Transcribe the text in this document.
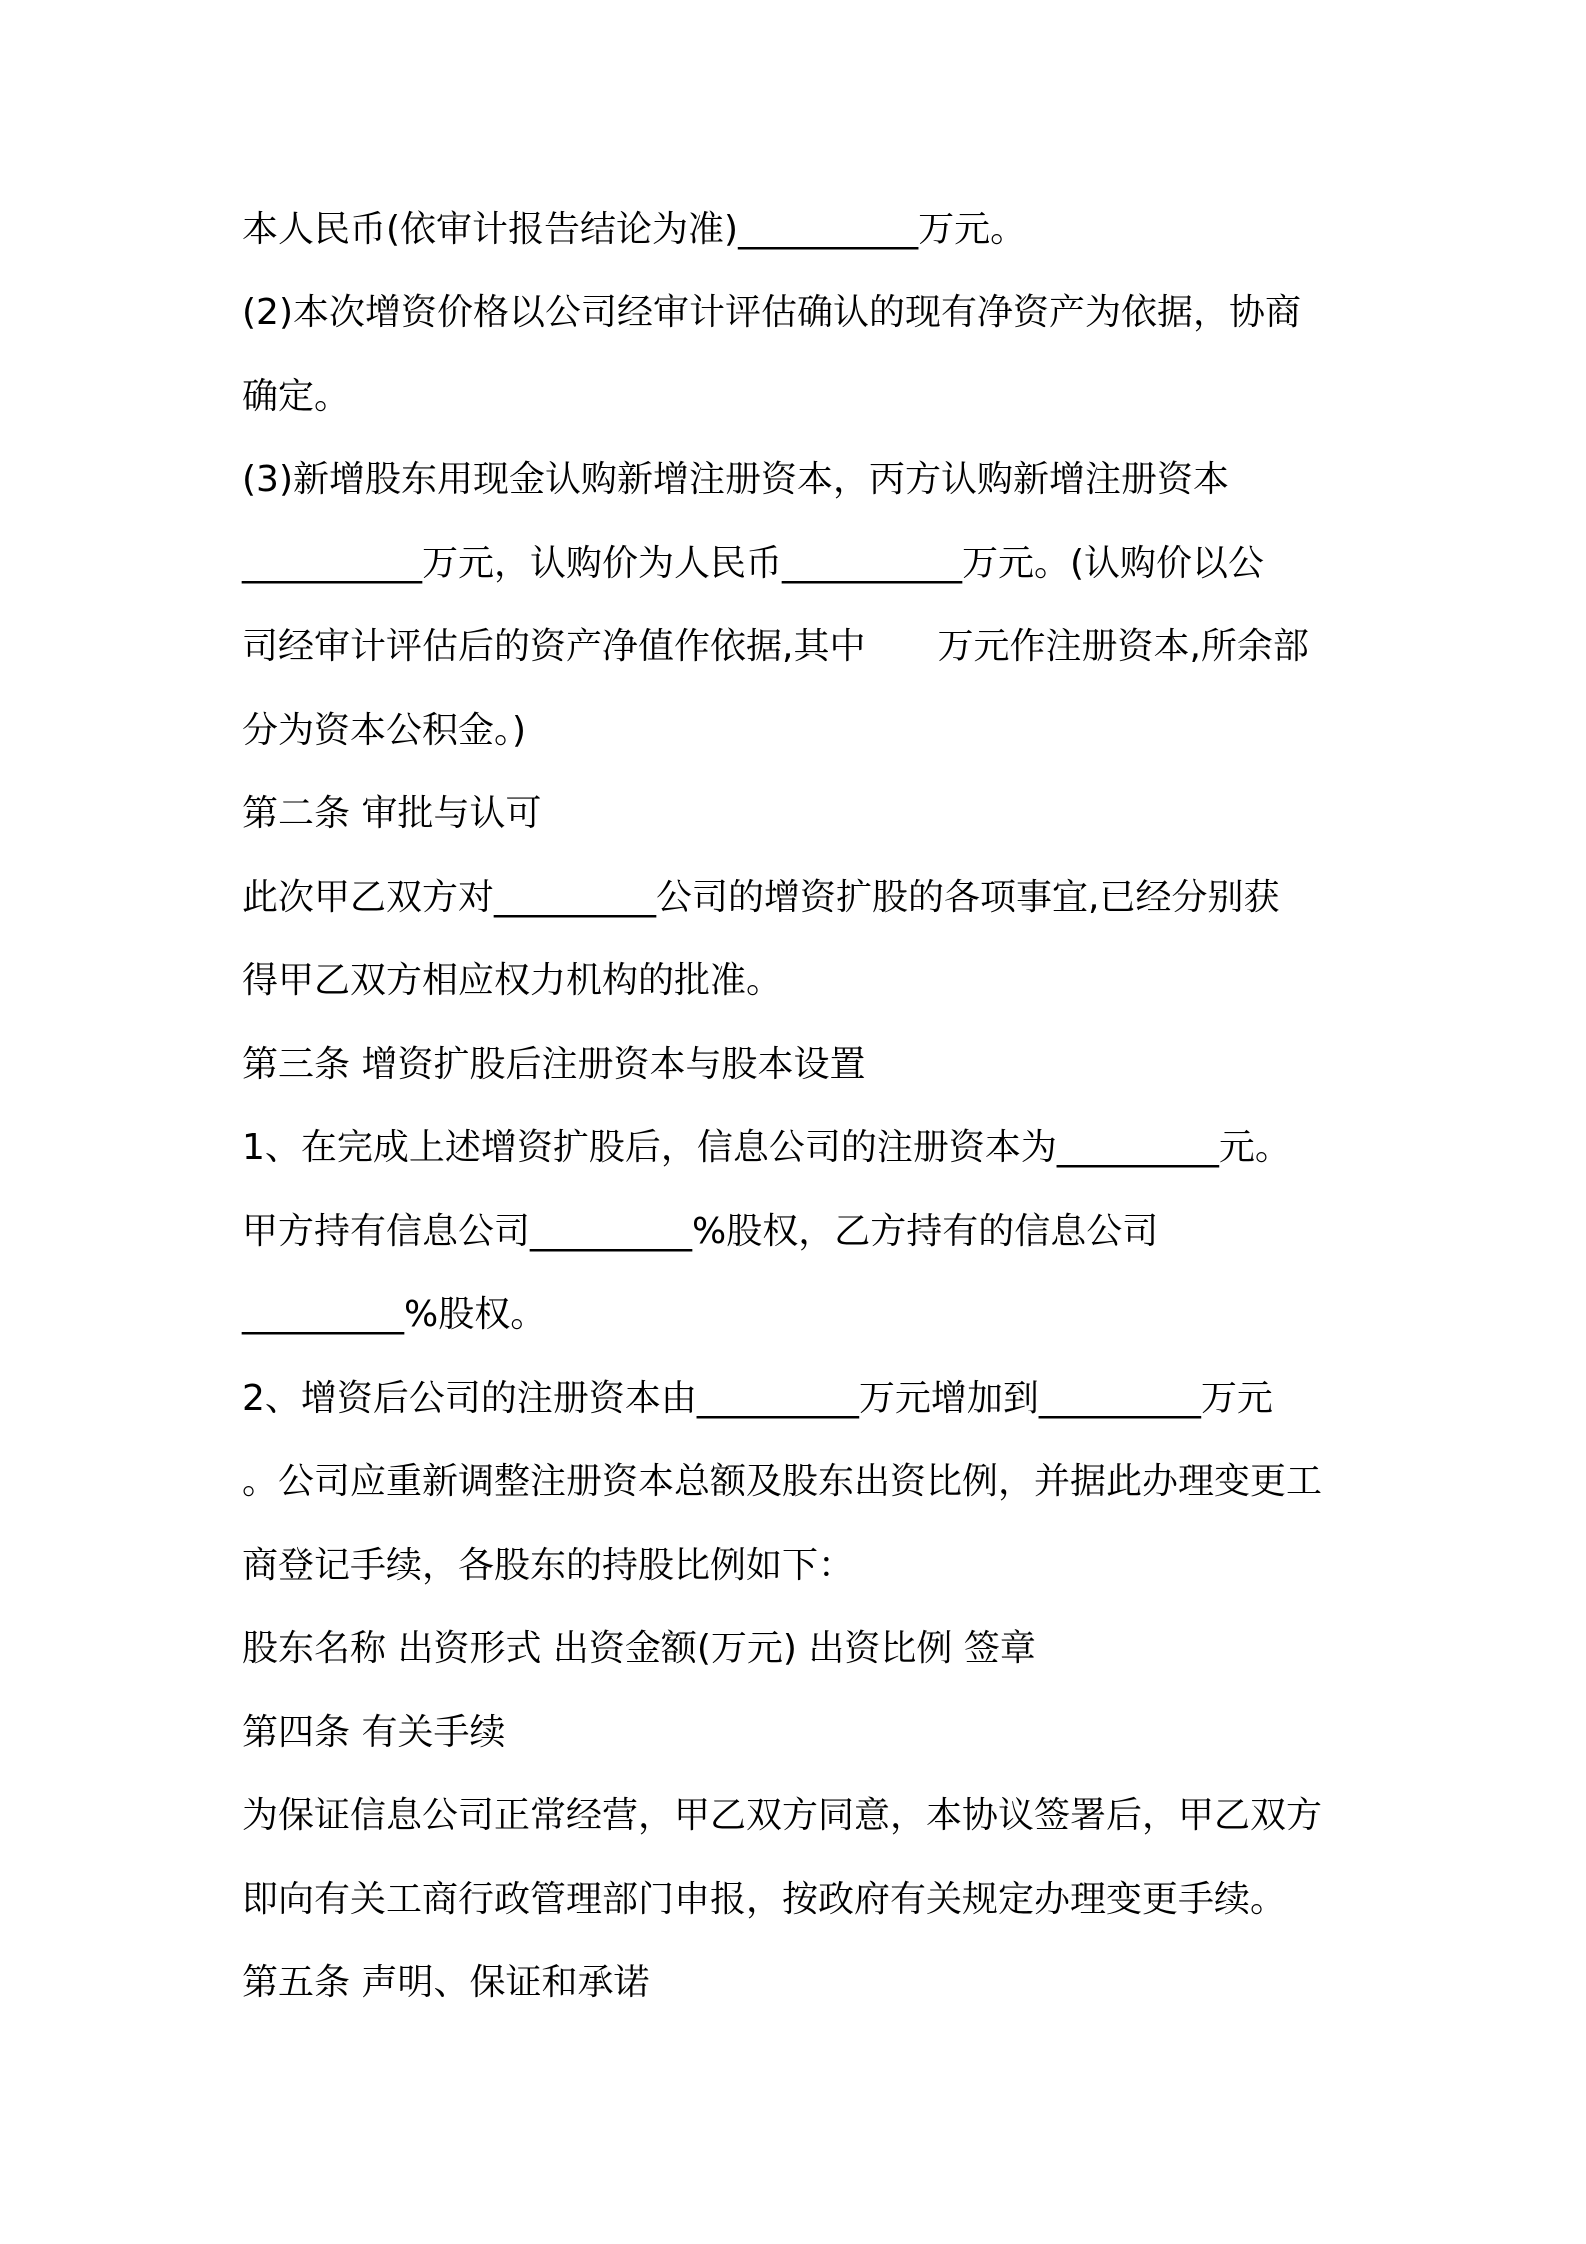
本人民币(依审计报告结论为准)__________万元。
(2)本次增资价格以公司经审计评估确认的现有净资产为依据，协商
确定。
(3)新增股东用现金认购新增注册资本，丙方认购新增注册资本
__________万元，认购价为人民币__________万元。(认购价以公
司经审计评估后的资产净值作依据,其中　　万元作注册资本,所余部
分为资本公积金。)
第二条 审批与认可
此次甲乙双方对_________公司的增资扩股的各项事宜,已经分别获
得甲乙双方相应权力机构的批准。
第三条 增资扩股后注册资本与股本设置
1、在完成上述增资扩股后，信息公司的注册资本为_________元。
甲方持有信息公司_________%股权，乙方持有的信息公司
_________%股权。
2、增资后公司的注册资本由_________万元增加到_________万元
。公司应重新调整注册资本总额及股东出资比例，并据此办理变更工
商登记手续，各股东的持股比例如下：
股东名称 出资形式 出资金额(万元) 出资比例 签章
第四条 有关手续
为保证信息公司正常经营，甲乙双方同意，本协议签署后，甲乙双方
即向有关工商行政管理部门申报，按政府有关规定办理变更手续。
第五条 声明、保证和承诺
